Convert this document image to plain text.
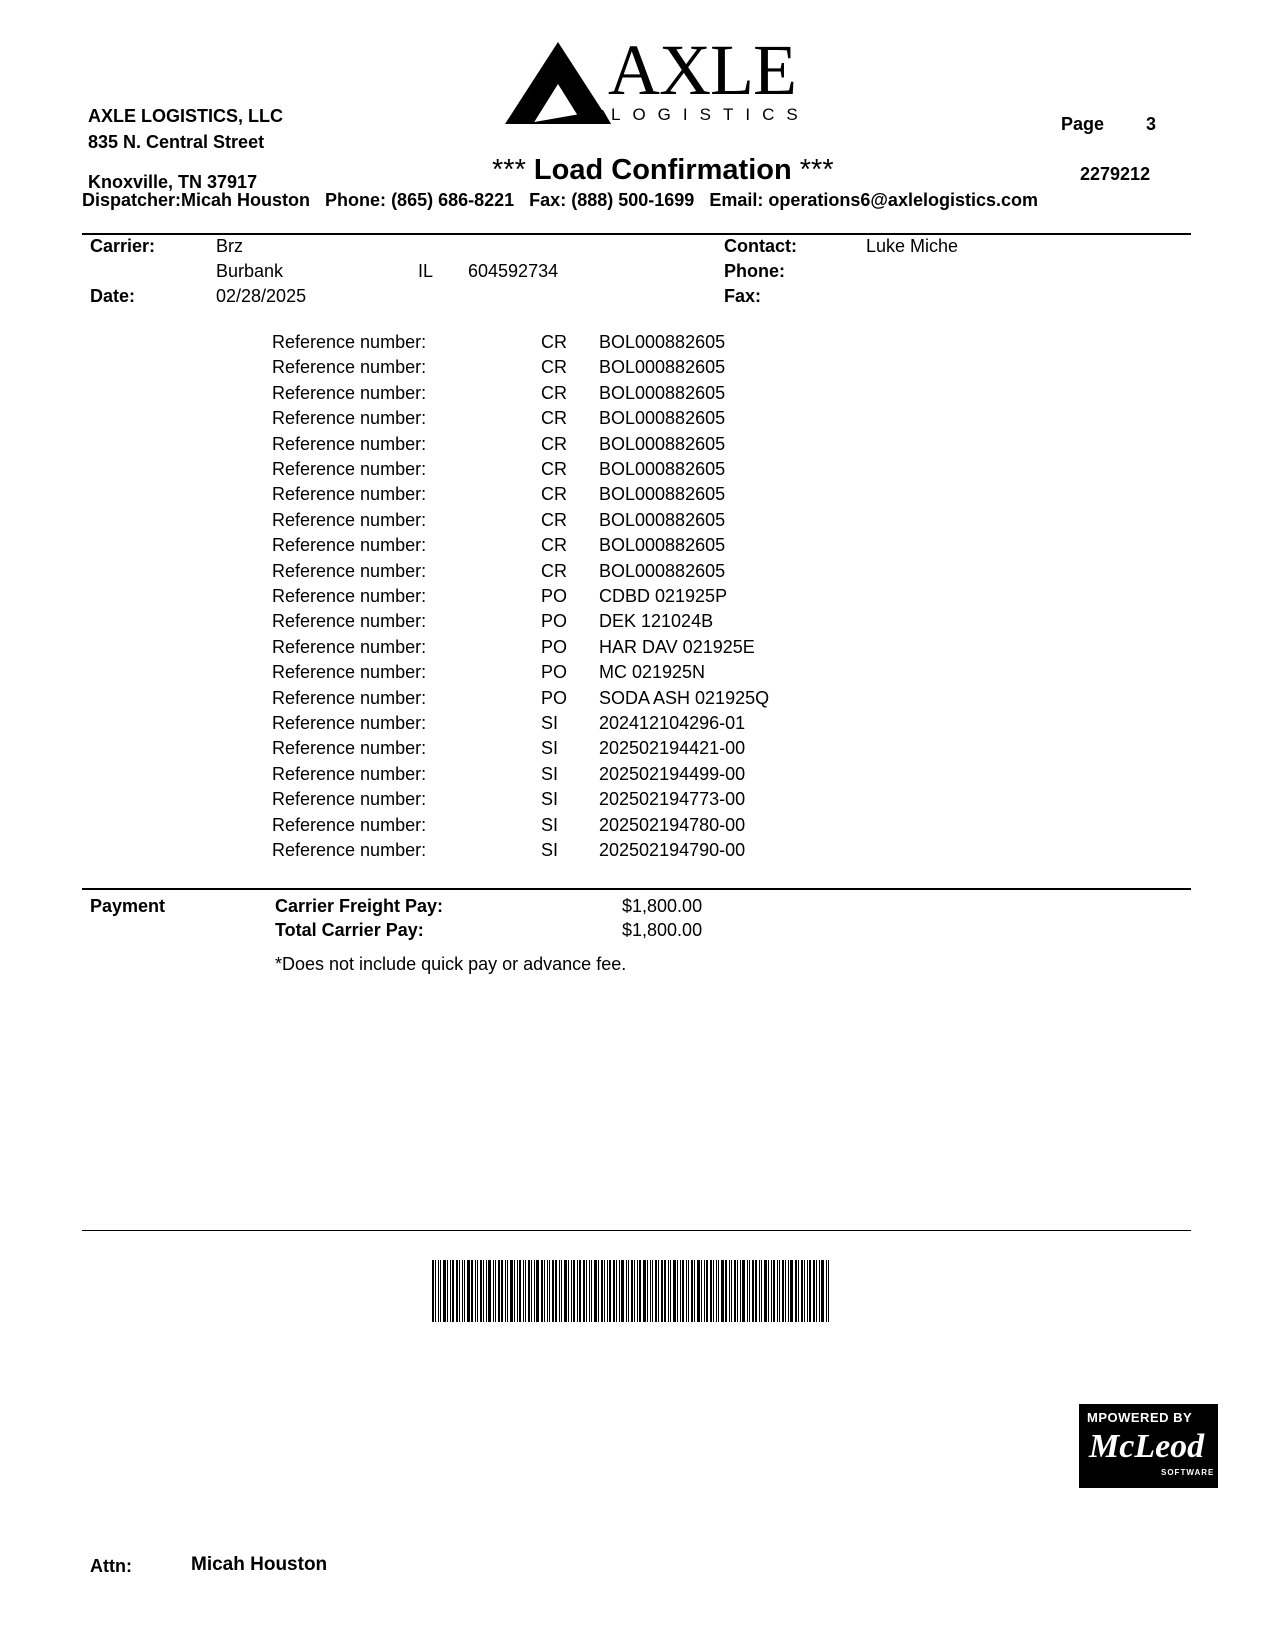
AXLE LOGISTICS, LLC
835 N. Central Street
Knoxville, TN 37917
AXLE
LOGISTICS	Page 3
*** Load Confirmation ***	2279212
Dispatcher:Micah Houston Phone: (865) 686-8221 Fax: (888) 500-1699 Email: operations6@axlelogistics.com
Carrier:	Brz
Burbank	IL 604592734
Date:	02/28/2025
Contact:	Luke Miche
Phone:
Fax:
Reference number:	CR BOL000882605
Reference number:	CR BOL000882605
Reference number:	CR BOL000882605
Reference number:	CR BOL000882605
Reference number:	CR BOL000882605
Reference number:	CR BOL000882605
Reference number:	CR BOL000882605
Reference number:	CR BOL000882605
Reference number:	CR BOL000882605
Reference number:	CR BOL000882605
Reference number:	PO CDBD 021925P
Reference number:	PO DEK 121024B
Reference number:	PO HAR DAV 021925E
Reference number:	PO MC 021925N
Reference number:	PO SODA ASH 021925Q
Reference number:	SI 202412104296-01
Reference number:	SI 202502194421-00
Reference number:	SI 202502194499-00
Reference number:	SI 202502194773-00
Reference number:	SI 202502194780-00
Reference number:	SI 202502194790-00
Payment	Carrier Freight Pay:	$1,800.00
Total Carrier Pay:	$1,800.00
*Does not include quick pay or advance fee.
MPOWERED BY
McLeod
SOFTWARE
Attn:	Micah Houston
